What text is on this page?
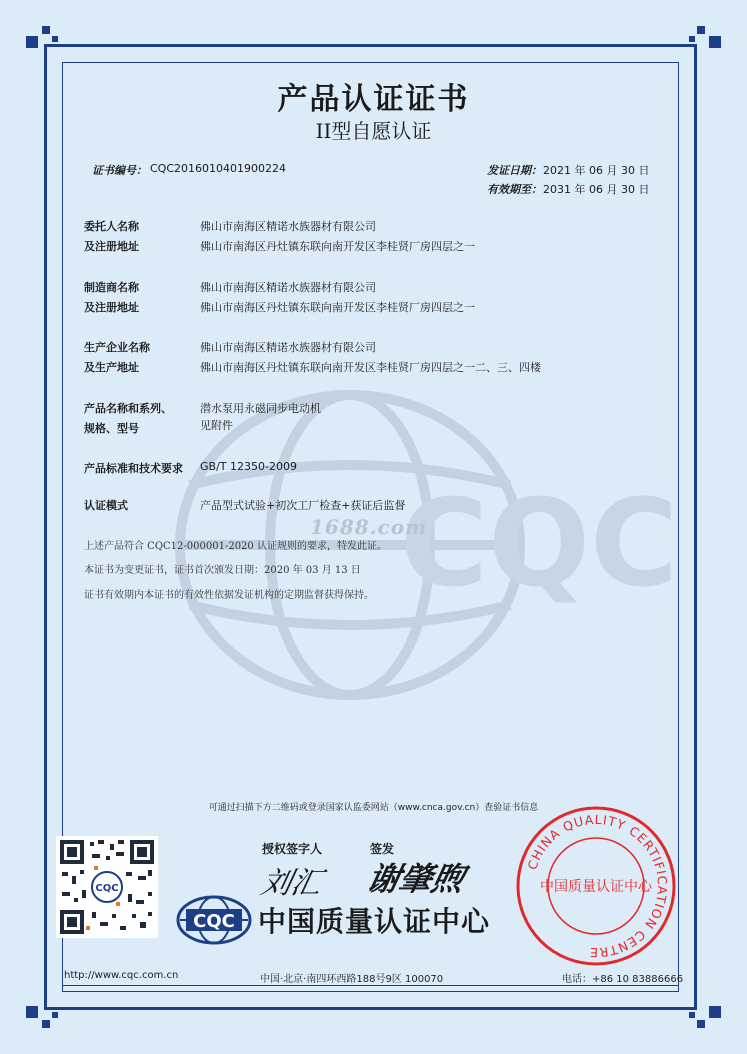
CQC
产品认证证书
II型自愿认证
证书编号： CQC2016010401900224	发证日期： 2021 年 06 月 30 日
有效期至： 2031 年 06 月 30 日
委托人名称	佛山市南海区精诺水族器材有限公司
及注册地址	佛山市南海区丹灶镇东联向南开发区李桂贤厂房四层之一
制造商名称	佛山市南海区精诺水族器材有限公司
及注册地址	佛山市南海区丹灶镇东联向南开发区李桂贤厂房四层之一
生产企业名称	佛山市南海区精诺水族器材有限公司
及生产地址	佛山市南海区丹灶镇东联向南开发区李桂贤厂房四层之一二、三、四楼
产品名称和系列、	潜水泵用永磁同步电动机
规格、型号	见附件
产品标准和技术要求 GB/T 12350-2009
认证模式	产品型式试验+初次工厂检查+获证后监督
1688.com
上述产品符合 CQC12-000001-2020 认证规则的要求，特发此证。
本证书为变更证书，证书首次颁发日期：2020 年 03 月 13 日
证书有效期内本证书的有效性依据发证机构的定期监督获得保持。
可通过扫描下方二维码或登录国家认监委网站（www.cnca.gov.cn）查验证书信息
CQC
授权签字人	签发
刘汇 谢肇煦
CQC 中国质量认证中心
CHINA QUALITY CERTIFICATION CENTRE
中国质量认证中心
http://www.cqc.com.cn	中国·北京·南四环西路188号9区 100070	电话：+86 10 83886666
